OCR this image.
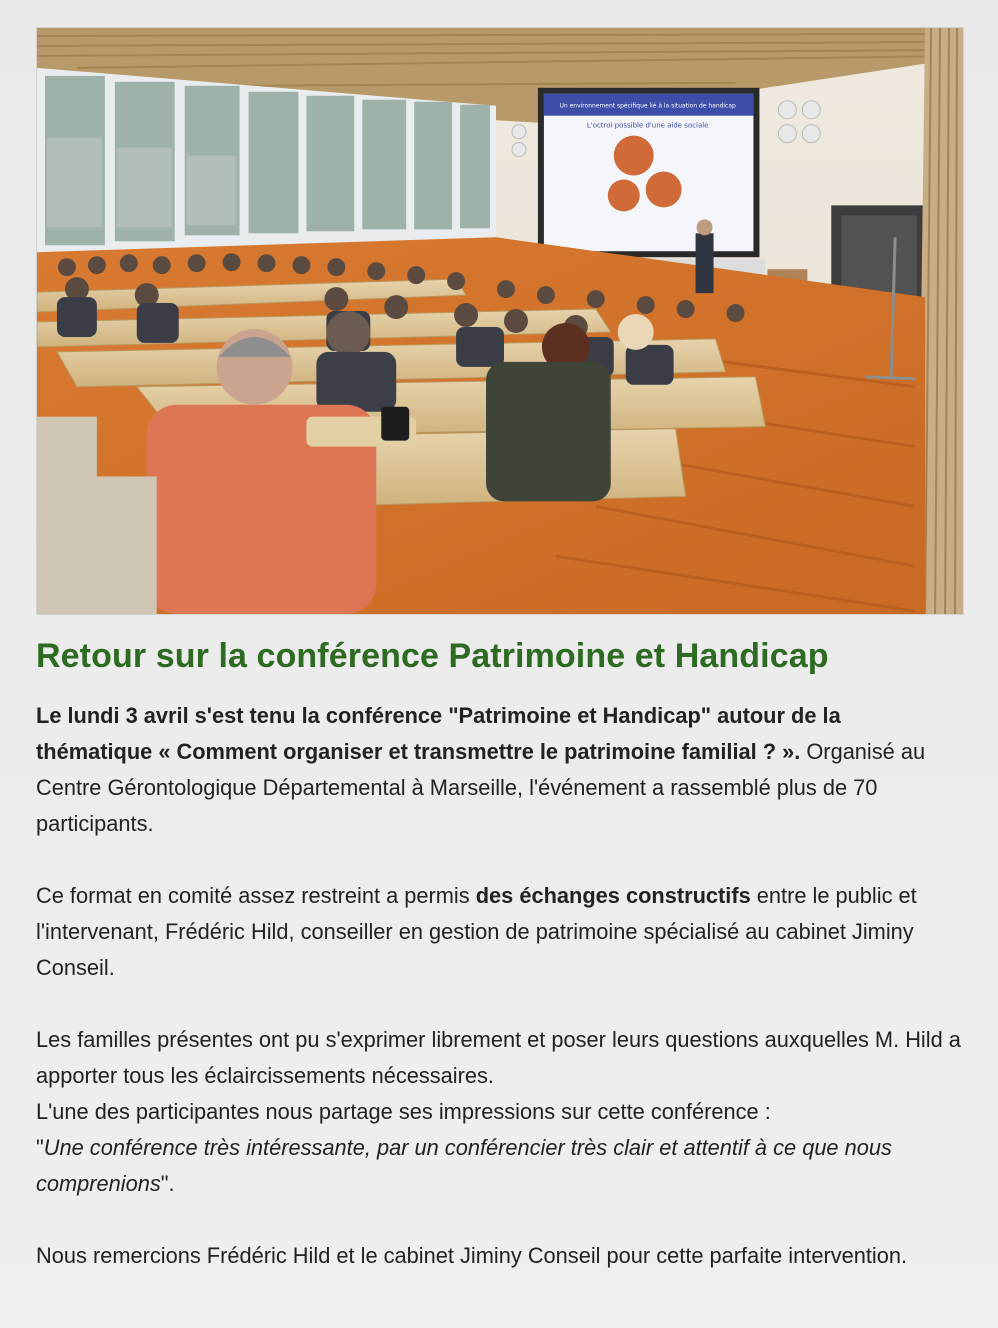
Un environnement spécifique lié à la situation de handicap
L'octroi possible d'une aide sociale
Retour sur la conférence Patrimoine et Handicap

Le lundi 3 avril s'est tenu la conférence "Patrimoine et Handicap" autour de la thématique « Comment organiser et transmettre le patrimoine familial ? ». Organisé au Centre Gérontologique Départemental à Marseille, l'événement a rassemblé plus de 70 participants.

Ce format en comité assez restreint a permis des échanges constructifs entre le public et l'intervenant, Frédéric Hild, conseiller en gestion de patrimoine spécialisé au cabinet Jiminy Conseil.

Les familles présentes ont pu s'exprimer librement et poser leurs questions auxquelles M. Hild a apporter tous les éclaircissements nécessaires.
L'une des participantes nous partage ses impressions sur cette conférence :
"Une conférence très intéressante, par un conférencier très clair et attentif à ce que nous comprenions".

Nous remercions Frédéric Hild et le cabinet Jiminy Conseil pour cette parfaite intervention.
